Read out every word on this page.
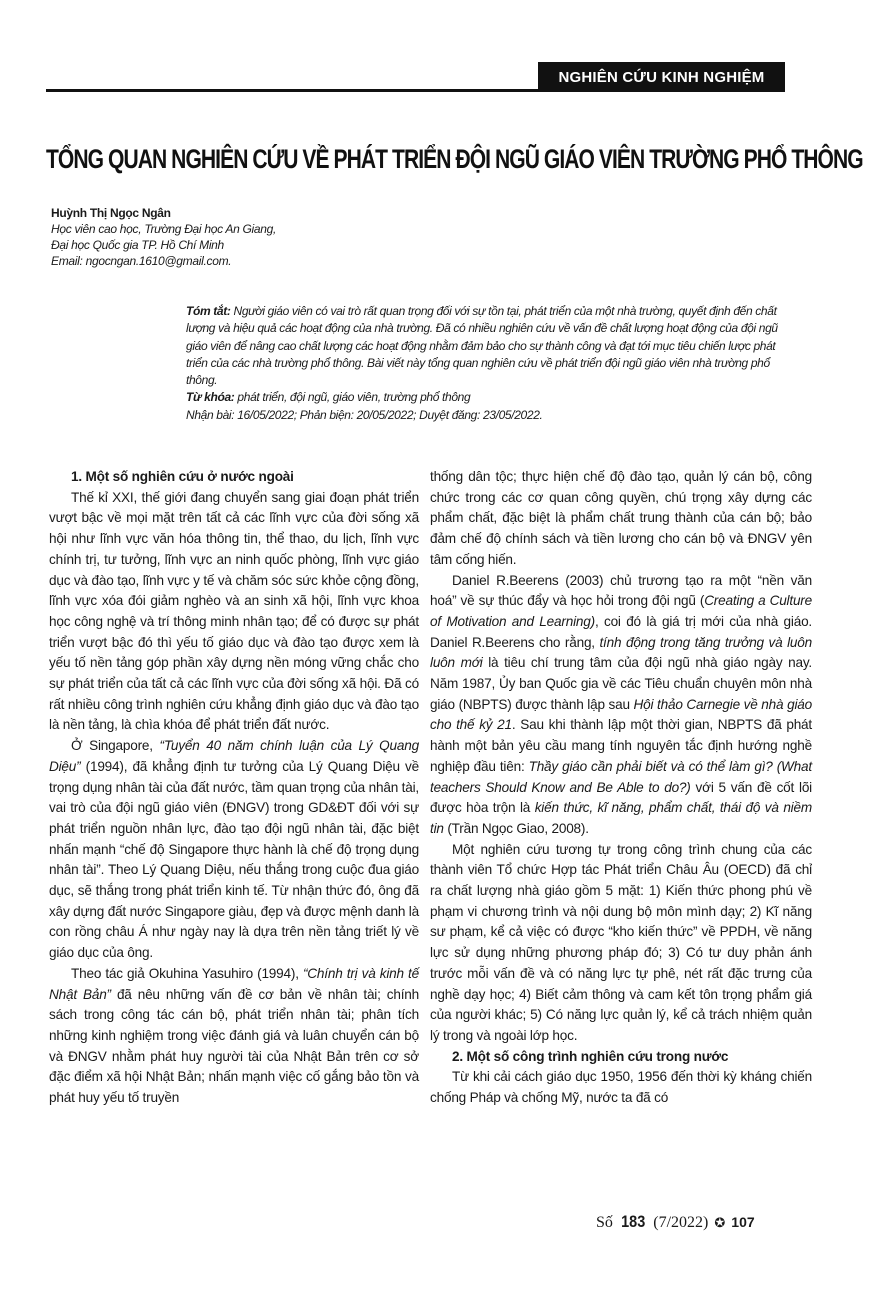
NGHIÊN CỨU KINH NGHIỆM
TỔNG QUAN NGHIÊN CỨU VỀ PHÁT TRIỂN ĐỘI NGŨ GIÁO VIÊN TRƯỜNG PHỔ THÔNG
Huỳnh Thị Ngọc Ngân
Học viên cao học, Trường Đại học An Giang,
Đại học Quốc gia TP. Hồ Chí Minh
Email: ngocngan.1610@gmail.com.
Tóm tắt: Người giáo viên có vai trò rất quan trọng đối với sự tồn tại, phát triển của một nhà trường, quyết định đến chất lượng và hiệu quả các hoạt động của nhà trường. Đã có nhiều nghiên cứu về vấn đề chất lượng hoạt động của đội ngũ giáo viên để nâng cao chất lượng các hoạt động nhằm đảm bảo cho sự thành công và đạt tới mục tiêu chiến lược phát triển của các nhà trường phổ thông. Bài viết này tổng quan nghiên cứu về phát triển đội ngũ giáo viên nhà trường phổ thông.
Từ khóa: phát triển, đội ngũ, giáo viên, trường phổ thông
Nhận bài: 16/05/2022; Phản biện: 20/05/2022; Duyệt đăng: 23/05/2022.
1. Một số nghiên cứu ở nước ngoài

Thế kỉ XXI, thế giới đang chuyển sang giai đoạn phát triển vượt bậc về mọi mặt trên tất cả các lĩnh vực của đời sống xã hội như lĩnh vực văn hóa thông tin, thể thao, du lịch, lĩnh vực chính trị, tư tưởng, lĩnh vực an ninh quốc phòng, lĩnh vực giáo dục và đào tạo, lĩnh vực y tế và chăm sóc sức khỏe cộng đồng, lĩnh vực xóa đói giảm nghèo và an sinh xã hội, lĩnh vực khoa học công nghệ và trí thông minh nhân tạo; để có được sự phát triển vượt bậc đó thì yếu tố giáo dục và đào tạo được xem là yếu tố nền tảng góp phần xây dựng nền móng vững chắc cho sự phát triển của tất cả các lĩnh vực của đời sống xã hội. Đã có rất nhiều công trình nghiên cứu khẳng định giáo dục và đào tạo là nền tảng, là chìa khóa để phát triển đất nước.

Ở Singapore, “Tuyển 40 năm chính luận của Lý Quang Diệu” (1994), đã khẳng định tư tưởng của Lý Quang Diệu về trọng dụng nhân tài của đất nước, tầm quan trọng của nhân tài, vai trò của đội ngũ giáo viên (ĐNGV) trong GD&ĐT đối với sự phát triển nguồn nhân lực, đào tạo đội ngũ nhân tài, đặc biệt nhấn mạnh “chế độ Singapore thực hành là chế độ trọng dụng nhân tài”. Theo Lý Quang Diệu, nếu thắng trong cuộc đua giáo dục, sẽ thắng trong phát triển kinh tế. Từ nhận thức đó, ông đã xây dựng đất nước Singapore giàu, đẹp và được mệnh danh là con rồng châu Á như ngày nay là dựa trên nền tảng triết lý về giáo dục của ông.

Theo tác giả Okuhina Yasuhiro (1994), “Chính trị và kinh tế Nhật Bản” đã nêu những vấn đề cơ bản về nhân tài; chính sách trong công tác cán bộ, phát triển nhân tài; phân tích những kinh nghiệm trong việc đánh giá và luân chuyển cán bộ và ĐNGV nhằm phát huy người tài của Nhật Bản trên cơ sở đặc điểm xã hội Nhật Bản; nhấn mạnh việc cố gắng bảo tồn và phát huy yếu tố truyền

thống dân tộc; thực hiện chế độ đào tạo, quản lý cán bộ, công chức trong các cơ quan công quyền, chú trọng xây dựng các phẩm chất, đặc biệt là phẩm chất trung thành của cán bộ; bảo đảm chế độ chính sách và tiền lương cho cán bộ và ĐNGV yên tâm cống hiến.

Daniel R.Beerens (2003) chủ trương tạo ra một “nền văn hoá” về sự thúc đẩy và học hỏi trong đội ngũ (Creating a Culture of Motivation and Learning), coi đó là giá trị mới của nhà giáo. Daniel R.Beerens cho rằng, tính động trong tăng trưởng và luôn luôn mới là tiêu chí trung tâm của đội ngũ nhà giáo ngày nay. Năm 1987, Ủy ban Quốc gia về các Tiêu chuẩn chuyên môn nhà giáo (NBPTS) được thành lập sau Hội thảo Carnegie về nhà giáo cho thế kỷ 21. Sau khi thành lập một thời gian, NBPTS đã phát hành một bản yêu cầu mang tính nguyên tắc định hướng nghề nghiệp đầu tiên: Thầy giáo cần phải biết và có thể làm gì? (What teachers Should Know and Be Able to do?) với 5 vấn đề cốt lõi được hòa trộn là kiến thức, kĩ năng, phẩm chất, thái độ và niềm tin (Trần Ngọc Giao, 2008).

Một nghiên cứu tương tự trong công trình chung của các thành viên Tổ chức Hợp tác Phát triển Châu Âu (OECD) đã chỉ ra chất lượng nhà giáo gồm 5 mặt: 1) Kiến thức phong phú về phạm vi chương trình và nội dung bộ môn mình dạy; 2) Kĩ năng sư phạm, kể cả việc có được “kho kiến thức” về PPDH, về năng lực sử dụng những phương pháp đó; 3) Có tư duy phản ánh trước mỗi vấn đề và có năng lực tự phê, nét rất đặc trưng của nghề dạy học; 4) Biết cảm thông và cam kết tôn trọng phẩm giá của người khác; 5) Có năng lực quản lý, kể cả trách nhiệm quản lý trong và ngoài lớp học.

2. Một số công trình nghiên cứu trong nước

Từ khi cải cách giáo dục 1950, 1956 đến thời kỳ kháng chiến chống Pháp và chống Mỹ, nước ta đã có

Số 183 (7/2022) ✪ 107
